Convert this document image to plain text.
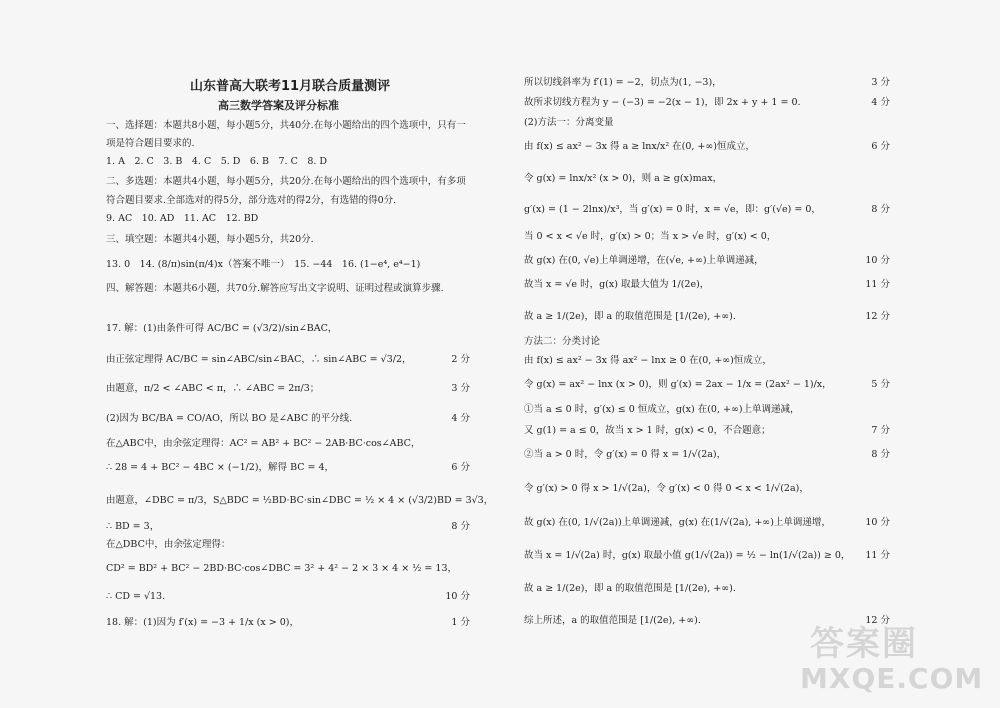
山东普高大联考11月联合质量测评
高三数学答案及评分标准
一、选择题：本题共8小题，每小题5分，共40分.在每小题给出的四个选项中，只有一
项是符合题目要求的.
1. A　2. C　3. B　4. C　5. D　6. B　7. C　8. D
二、多选题：本题共4小题，每小题5分，共20分.在每小题给出的四个选项中，有多项
符合题目要求.全部选对的得5分，部分选对的得2分，有选错的得0分.
9. AC　10. AD　11. AC　12. BD
三、填空题：本题共4小题，每小题5分，共20分.
13. 0　14. (8/π)sin(π/4)x（答案不唯一）　15. −44　16. (1−e⁴, e⁴−1)
四、解答题：本题共6小题，共70分.解答应写出文字说明、证明过程或演算步骤.
17. 解：(1)由条件可得 AC/BC = (√3/2)/sin∠BAC，
由正弦定理得 AC/BC = sin∠ABC/sin∠BAC，∴ sin∠ABC = √3/2，
由题意，π/2 < ∠ABC < π，∴ ∠ABC = 2π/3；
(2)因为 BC/BA = CO/AO，所以 BO 是∠ABC 的平分线.
在△ABC中，由余弦定理得：AC² = AB² + BC² − 2AB·BC·cos∠ABC，
∴ 28 = 4 + BC² − 4BC × (−1/2)，解得 BC = 4，
由题意，∠DBC = π/3，S△BDC = ½BD·BC·sin∠DBC = ½ × 4 × (√3/2)BD = 3√3，
∴ BD = 3，
在△DBC中，由余弦定理得：
CD² = BD² + BC² − 2BD·BC·cos∠DBC = 3² + 4² − 2 × 3 × 4 × ½ = 13，
∴ CD = √13.
18. 解：(1)因为 f′(x) = −3 + 1/x (x > 0)，
2 分
3 分
4 分
6 分
8 分
10 分
1 分
所以切线斜率为 f′(1) = −2，切点为(1, −3)，
故所求切线方程为 y − (−3) = −2(x − 1)，即 2x + y + 1 = 0.
(2)方法一：分离变量
由 f(x) ≤ ax² − 3x 得 a ≥ lnx/x² 在(0, +∞)恒成立，
令 g(x) = lnx/x² (x > 0)，则 a ≥ g(x)max，
g′(x) = (1 − 2lnx)/x³，当 g′(x) = 0 时，x = √e，即：g′(√e) = 0，
当 0 < x < √e 时，g′(x) > 0；当 x > √e 时，g′(x) < 0，
故 g(x) 在(0, √e)上单调递增，在(√e, +∞)上单调递减，
故当 x = √e 时，g(x) 取最大值为 1/(2e)，
故 a ≥ 1/(2e)，即 a 的取值范围是 [1/(2e), +∞).
方法二：分类讨论
由 f(x) ≤ ax² − 3x 得 ax² − lnx ≥ 0 在(0, +∞)恒成立，
令 g(x) = ax² − lnx (x > 0)，则 g′(x) = 2ax − 1/x = (2ax² − 1)/x，
①当 a ≤ 0 时，g′(x) ≤ 0 恒成立，g(x) 在(0, +∞)上单调递减，
又 g(1) = a ≤ 0，故当 x > 1 时，g(x) < 0，不合题意；
②当 a > 0 时，令 g′(x) = 0 得 x = 1/√(2a)，
令 g′(x) > 0 得 x > 1/√(2a)，令 g′(x) < 0 得 0 < x < 1/√(2a)，
故 g(x) 在(0, 1/√(2a))上单调递减，g(x) 在(1/√(2a), +∞)上单调递增，
故当 x = 1/√(2a) 时，g(x) 取最小值 g(1/√(2a)) = ½ − ln(1/√(2a)) ≥ 0，
故 a ≥ 1/(2e)，即 a 的取值范围是 [1/(2e), +∞).
综上所述，a 的取值范围是 [1/(2e), +∞).
3 分
4 分
6 分
8 分
10 分
11 分
12 分
5 分
7 分
8 分
10 分
11 分
12 分
答案圈
MXQE.COM
